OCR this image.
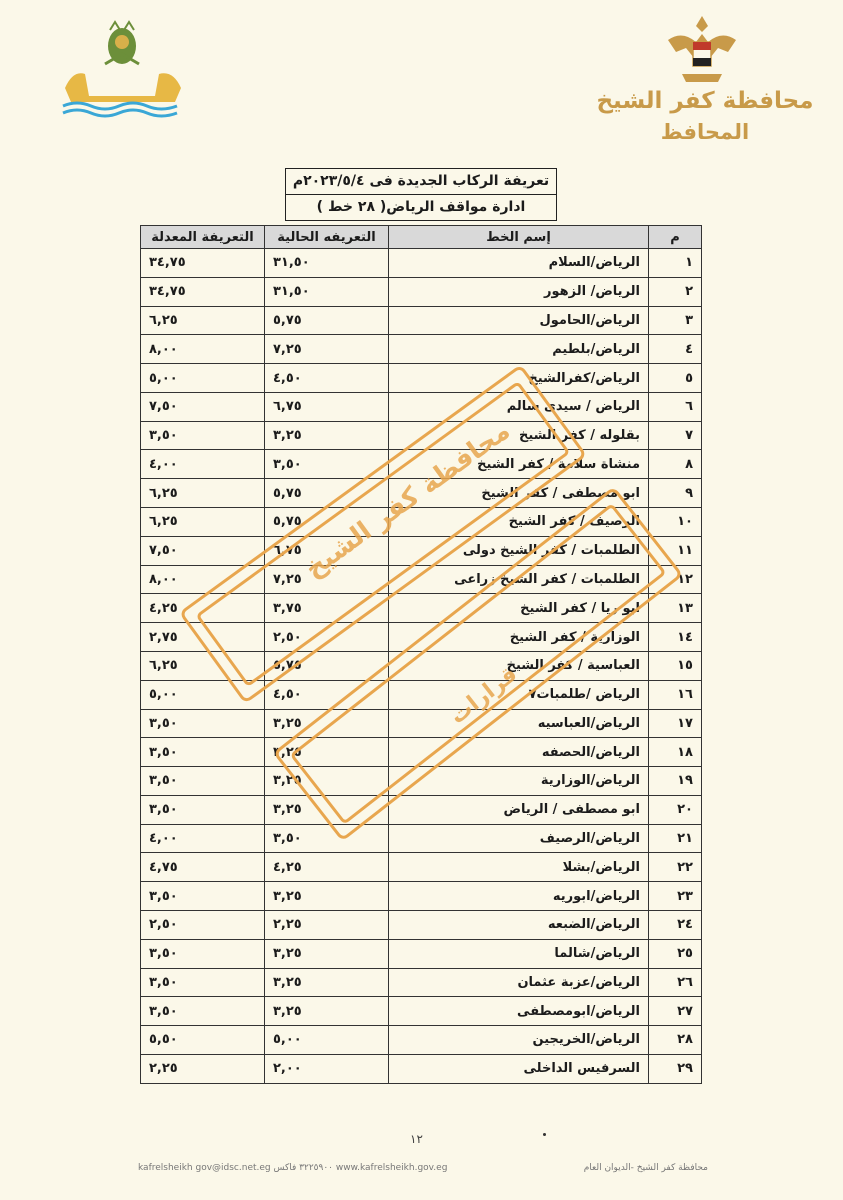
محافظة كفر الشيخ
المحافظ
تعريفة الركاب الجديدة فى ٢٠٢٣/٥/٤م
ادارة مواقف الرياض( ٢٨ خط )
م	إسم الخط	التعريفه الحالية	التعريفة المعدلة
١	الرياض/السلام	٣١,٥٠	٣٤,٧٥
٢	الرياض/ الزهور	٣١,٥٠	٣٤,٧٥
٣	الرياض/الحامول	٥,٧٥	٦,٢٥
٤	الرياض/بلطيم	٧,٢٥	٨,٠٠
٥	الرياض/كفرالشيخ	٤,٥٠	٥,٠٠
٦	الرياض / سيدى سالم	٦,٧٥	٧,٥٠
٧	بقلوله / كفر الشيخ	٣,٢٥	٣,٥٠
٨	منشاة سلامة / كفر الشيخ	٣,٥٠	٤,٠٠
٩	ابو مصطفى / كفر الشيخ	٥,٧٥	٦,٢٥
١٠	الرصيف / كفر الشيخ	٥,٧٥	٦,٢٥
١١	الطلمبات / كفر الشيخ دولى	٦,٧٥	٧,٥٠
١٢	الطلمبات / كفر الشيخ زراعى	٧,٢٥	٨,٠٠
١٣	ابو ريا / كفر الشيخ	٣,٧٥	٤,٢٥
١٤	الوزارية / كفر الشيخ	٢,٥٠	٢,٧٥
١٥	العباسية / كفر الشيخ	٥,٧٥	٦,٢٥
١٦	الرياض /طلمبات٧	٤,٥٠	٥,٠٠
١٧	الرياض/العباسيه	٣,٢٥	٣,٥٠
١٨	الرياض/الحصفه	٣,٢٥	٣,٥٠
١٩	الرياض/الوزارية	٣,٢٥	٣,٥٠
٢٠	ابو مصطفى / الرياض	٣,٢٥	٣,٥٠
٢١	الرياض/الرصيف	٣,٥٠	٤,٠٠
٢٢	الرياض/بشلا	٤,٢٥	٤,٧٥
٢٣	الرياض/ابوريه	٣,٢٥	٣,٥٠
٢٤	الرياض/الضبعه	٢,٢٥	٢,٥٠
٢٥	الرياض/شالما	٣,٢٥	٣,٥٠
٢٦	الرياض/عزبة عثمان	٣,٢٥	٣,٥٠
٢٧	الرياض/ابومصطفى	٣,٢٥	٣,٥٠
٢٨	الرياض/الخريجين	٥,٠٠	٥,٥٠
٢٩	السرفيس الداخلى	٢,٠٠	٢,٢٥
محافظة كفر الشيخ
قرارات
١٢
kafrelsheikh gov@idsc.net.eg ٣٢٢٥٩٠٠ فاكس www.kafrelsheikh.gov.eg	محافظة كفر الشيخ -الديوان العام
